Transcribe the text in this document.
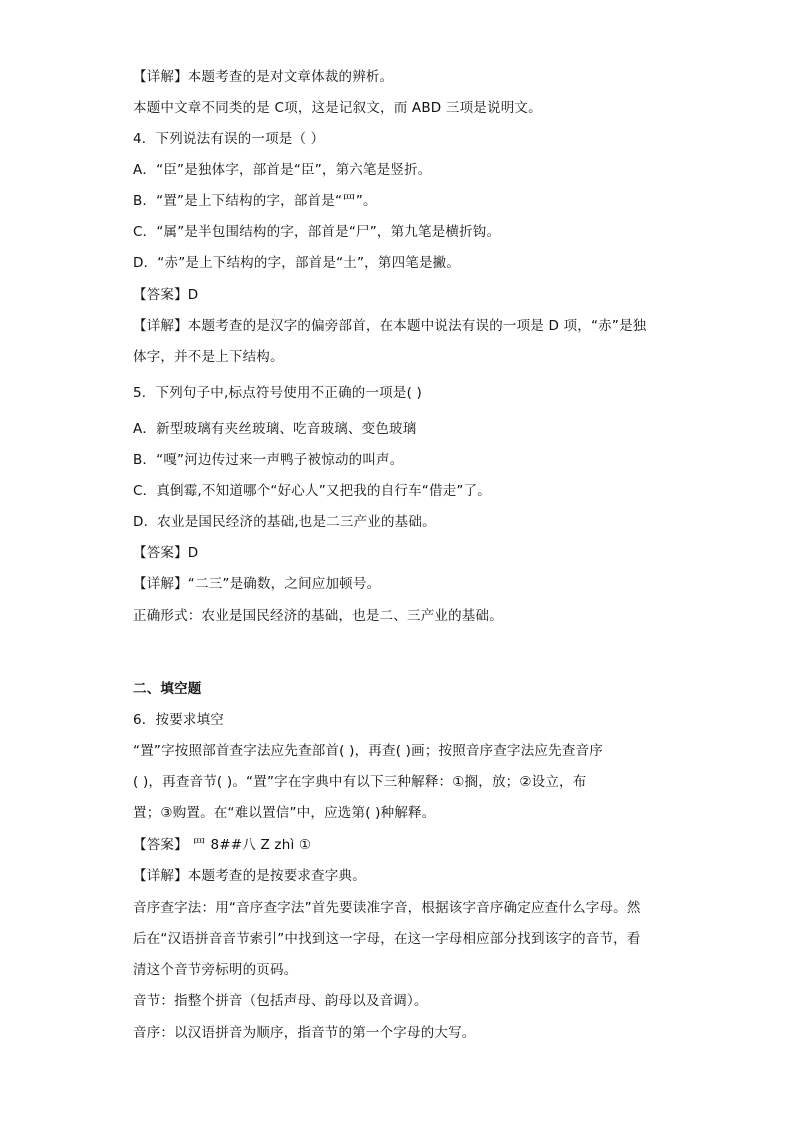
【详解】本题考查的是对文章体裁的辨析。
本题中文章不同类的是 C项，这是记叙文，而 ABD 三项是说明文。
4．下列说法有误的一项是（ ）
A．“臣”是独体字，部首是“臣”，第六笔是竖折。
B．“置”是上下结构的字，部首是“罒”。
C．“属”是半包围结构的字，部首是“尸”，第九笔是横折钩。
D．“赤”是上下结构的字，部首是“土”，第四笔是撇。
【答案】D
【详解】本题考查的是汉字的偏旁部首，在本题中说法有误的一项是 D 项，“赤”是独
体字，并不是上下结构。
5．下列句子中,标点符号使用不正确的一项是( )
A．新型玻璃有夹丝玻璃、吃音玻璃、变色玻璃
B．“嘎”河边传过来一声鸭子被惊动的叫声。
C．真倒霉,不知道哪个“好心人”又把我的自行车“借走”了。
D．农业是国民经济的基础,也是二三产业的基础。
【答案】D
【详解】“二三”是确数，之间应加顿号。
正确形式：农业是国民经济的基础，也是二、三产业的基础。
二、填空题
6．按要求填空
“置”字按照部首查字法应先查部首( )，再查( )画；按照音序查字法应先查音序
( )，再查音节( )。“置”字在字典中有以下三种解释：①搁，放；②设立，布
置；③购置。在“难以置信”中，应选第( )种解释。
【答案】 罒 8##八 Z zhì ①
【详解】本题考查的是按要求查字典。
音序查字法：用“音序查字法”首先要读准字音，根据该字音序确定应查什么字母。然
后在“汉语拼音音节索引”中找到这一字母，在这一字母相应部分找到该字的音节，看
清这个音节旁标明的页码。
音节：指整个拼音（包括声母、韵母以及音调）。
音序：以汉语拼音为顺序，指音节的第一个字母的大写。
